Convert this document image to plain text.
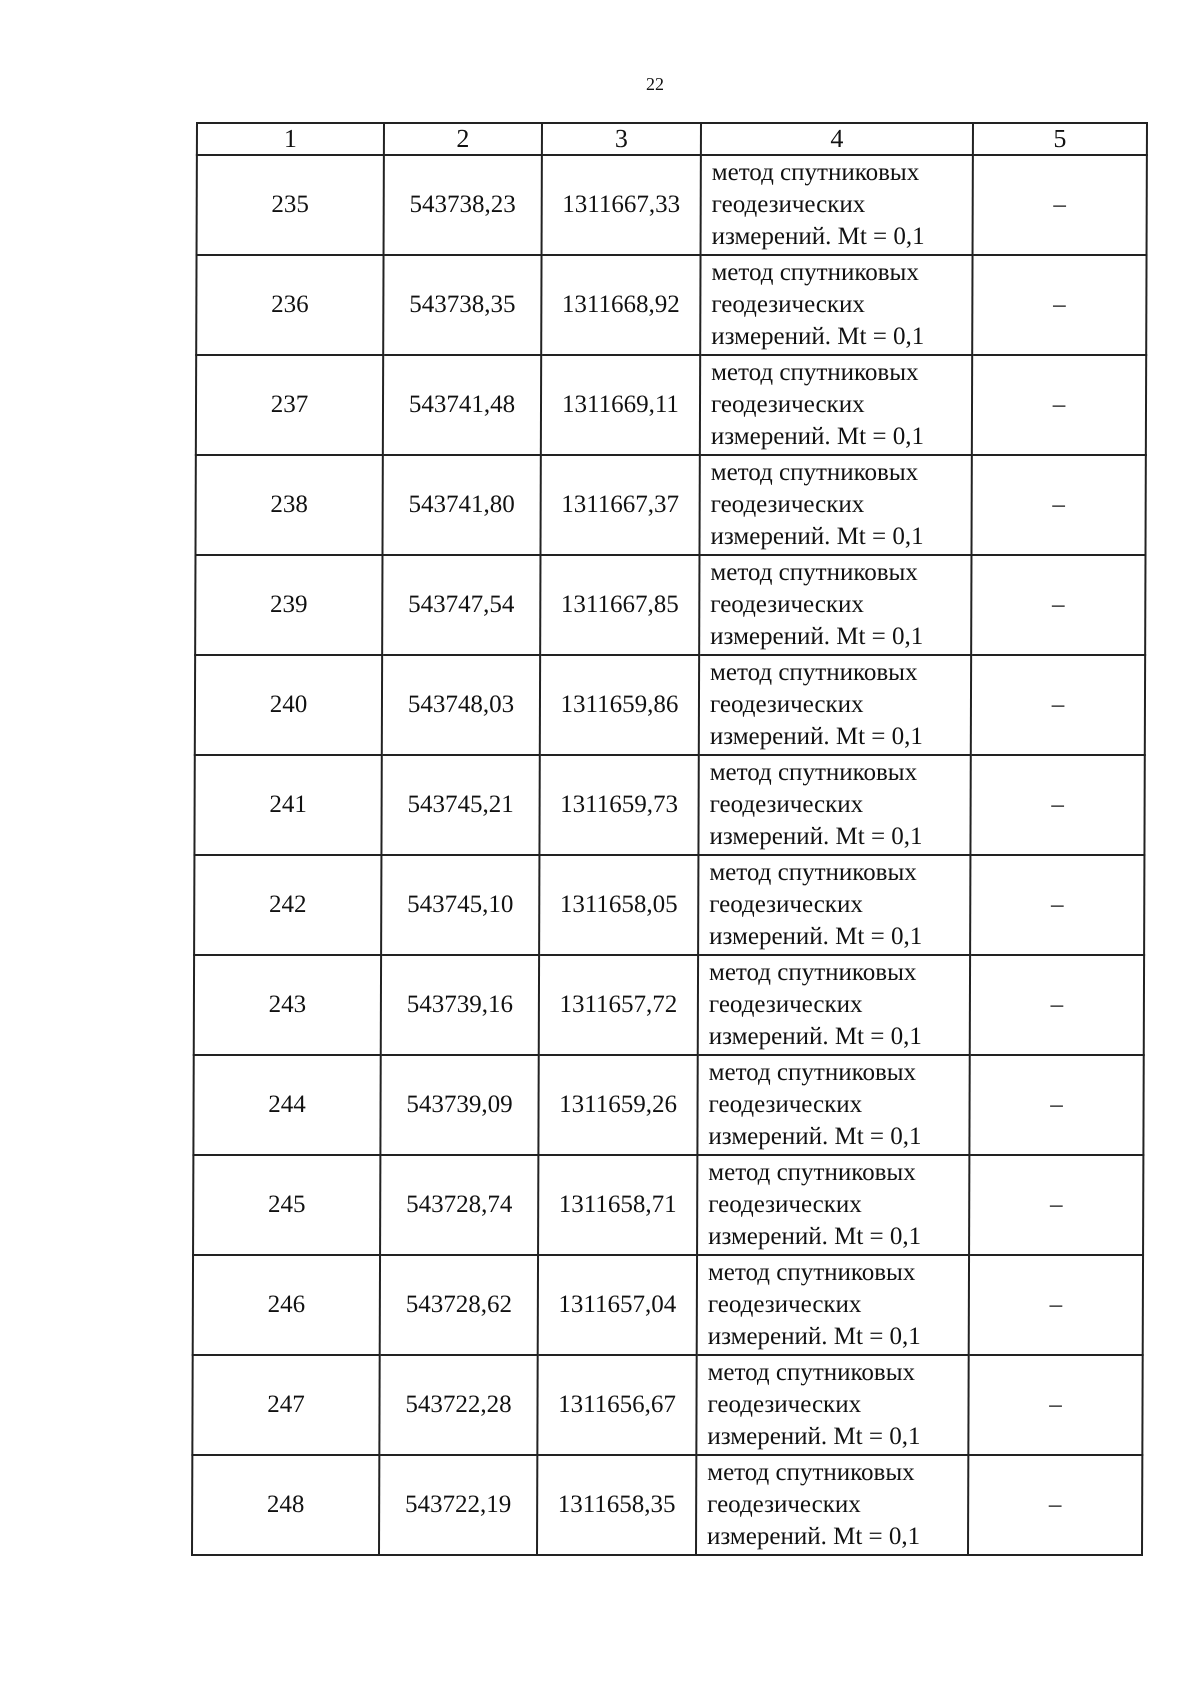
22
1	2	3	4	5
235	543738,23	1311667,33	метод спутниковых
геодезических
измерений. Mt = 0,1	–
236	543738,35	1311668,92	метод спутниковых
геодезических
измерений. Mt = 0,1	–
237	543741,48	1311669,11	метод спутниковых
геодезических
измерений. Mt = 0,1	–
238	543741,80	1311667,37	метод спутниковых
геодезических
измерений. Mt = 0,1	–
239	543747,54	1311667,85	метод спутниковых
геодезических
измерений. Mt = 0,1	–
240	543748,03	1311659,86	метод спутниковых
геодезических
измерений. Mt = 0,1	–
241	543745,21	1311659,73	метод спутниковых
геодезических
измерений. Mt = 0,1	–
242	543745,10	1311658,05	метод спутниковых
геодезических
измерений. Mt = 0,1	–
243	543739,16	1311657,72	метод спутниковых
геодезических
измерений. Mt = 0,1	–
244	543739,09	1311659,26	метод спутниковых
геодезических
измерений. Mt = 0,1	–
245	543728,74	1311658,71	метод спутниковых
геодезических
измерений. Mt = 0,1	–
246	543728,62	1311657,04	метод спутниковых
геодезических
измерений. Mt = 0,1	–
247	543722,28	1311656,67	метод спутниковых
геодезических
измерений. Mt = 0,1	–
248	543722,19	1311658,35	метод спутниковых
геодезических
измерений. Mt = 0,1	–
